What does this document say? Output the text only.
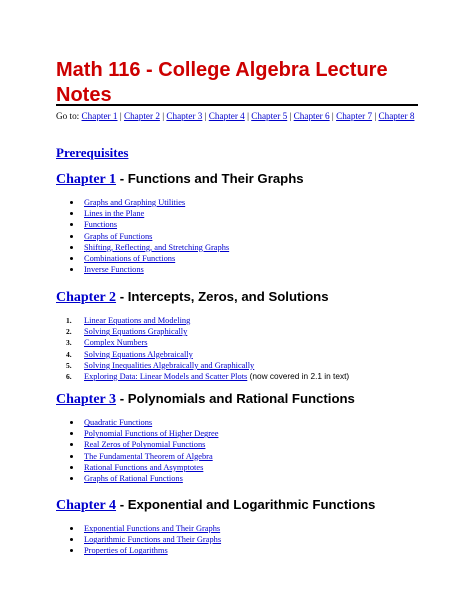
Math 116 - College Algebra Lecture Notes

Go to: Chapter 1 | Chapter 2 | Chapter 3 | Chapter 4 | Chapter 5 | Chapter 6 | Chapter 7 | Chapter 8

Prerequisites

Chapter 1 - Functions and Their Graphs
Graphs and Graphing Utilities
Lines in the Plane
Functions
Graphs of Functions
Shifting, Reflecting, and Stretching Graphs
Combinations of Functions
Inverse Functions
Chapter 2 - Intercepts, Zeros, and Solutions
1. Linear Equations and Modeling
2. Solving Equations Graphically
3. Complex Numbers
4. Solving Equations Algebraically
5. Solving Inequalities Algebraically and Graphically
6. Exploring Data: Linear Models and Scatter Plots (now covered in 2.1 in text)
Chapter 3 - Polynomials and Rational Functions
Quadratic Functions
Polynomial Functions of Higher Degree
Real Zeros of Polynomial Functions
The Fundamental Theorem of Algebra
Rational Functions and Asymptotes
Graphs of Rational Functions
Chapter 4 - Exponential and Logarithmic Functions
Exponential Functions and Their Graphs
Logarithmic Functions and Their Graphs
Properties of Logarithms
